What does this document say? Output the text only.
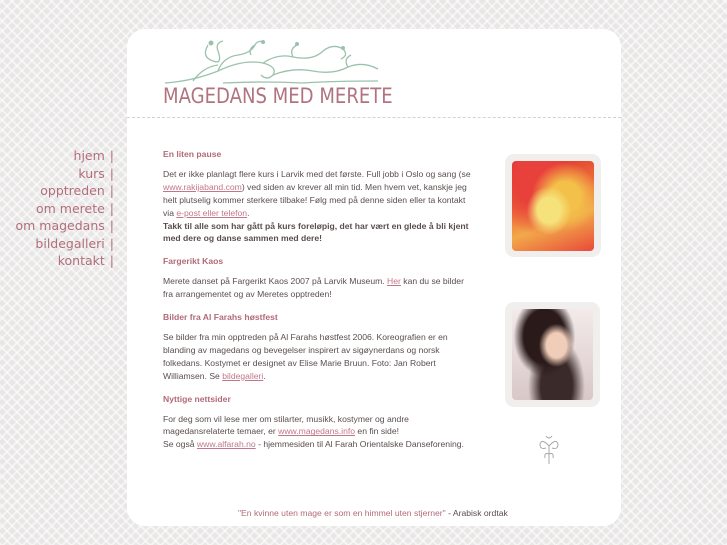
MAGEDANS MED MERETE
hjem |
kurs |
opptreden |
om merete |
om magedans |
bildegalleri |
kontakt |
En liten pause

Det er ikke planlagt flere kurs i Larvik med det første. Full jobb i Oslo og sang (se www.rakijaband.com) ved siden av krever all min tid. Men hvem vet, kanskje jeg helt plutselig kommer sterkere tilbake! Følg med på denne siden eller ta kontakt via e-post eller telefon.
Takk til alle som har gått på kurs foreløpig, det har vært en glede å bli kjent med dere og danse sammen med dere!

Fargerikt Kaos

Merete danset på Fargerikt Kaos 2007 på Larvik Museum. Her kan du se bilder fra arrangementet og av Meretes opptreden!

Bilder fra Al Farahs høstfest

Se bilder fra min opptreden på Al Farahs høstfest 2006. Koreografien er en blanding av magedans og bevegelser inspirert av sigøynerdans og norsk folkedans. Kostymet er designet av Elise Marie Bruun. Foto: Jan Robert Williamsen. Se bildegalleri.

Nyttige nettsider

For deg som vil lese mer om stilarter, musikk, kostymer og andre magedansrelaterte temaer, er www.magedans.info en fin side!
Se også www.alfarah.no - hjemmesiden til Al Farah Orientalske Danseforening.

"En kvinne uten mage er som en himmel uten stjerner" - Arabisk ordtak
